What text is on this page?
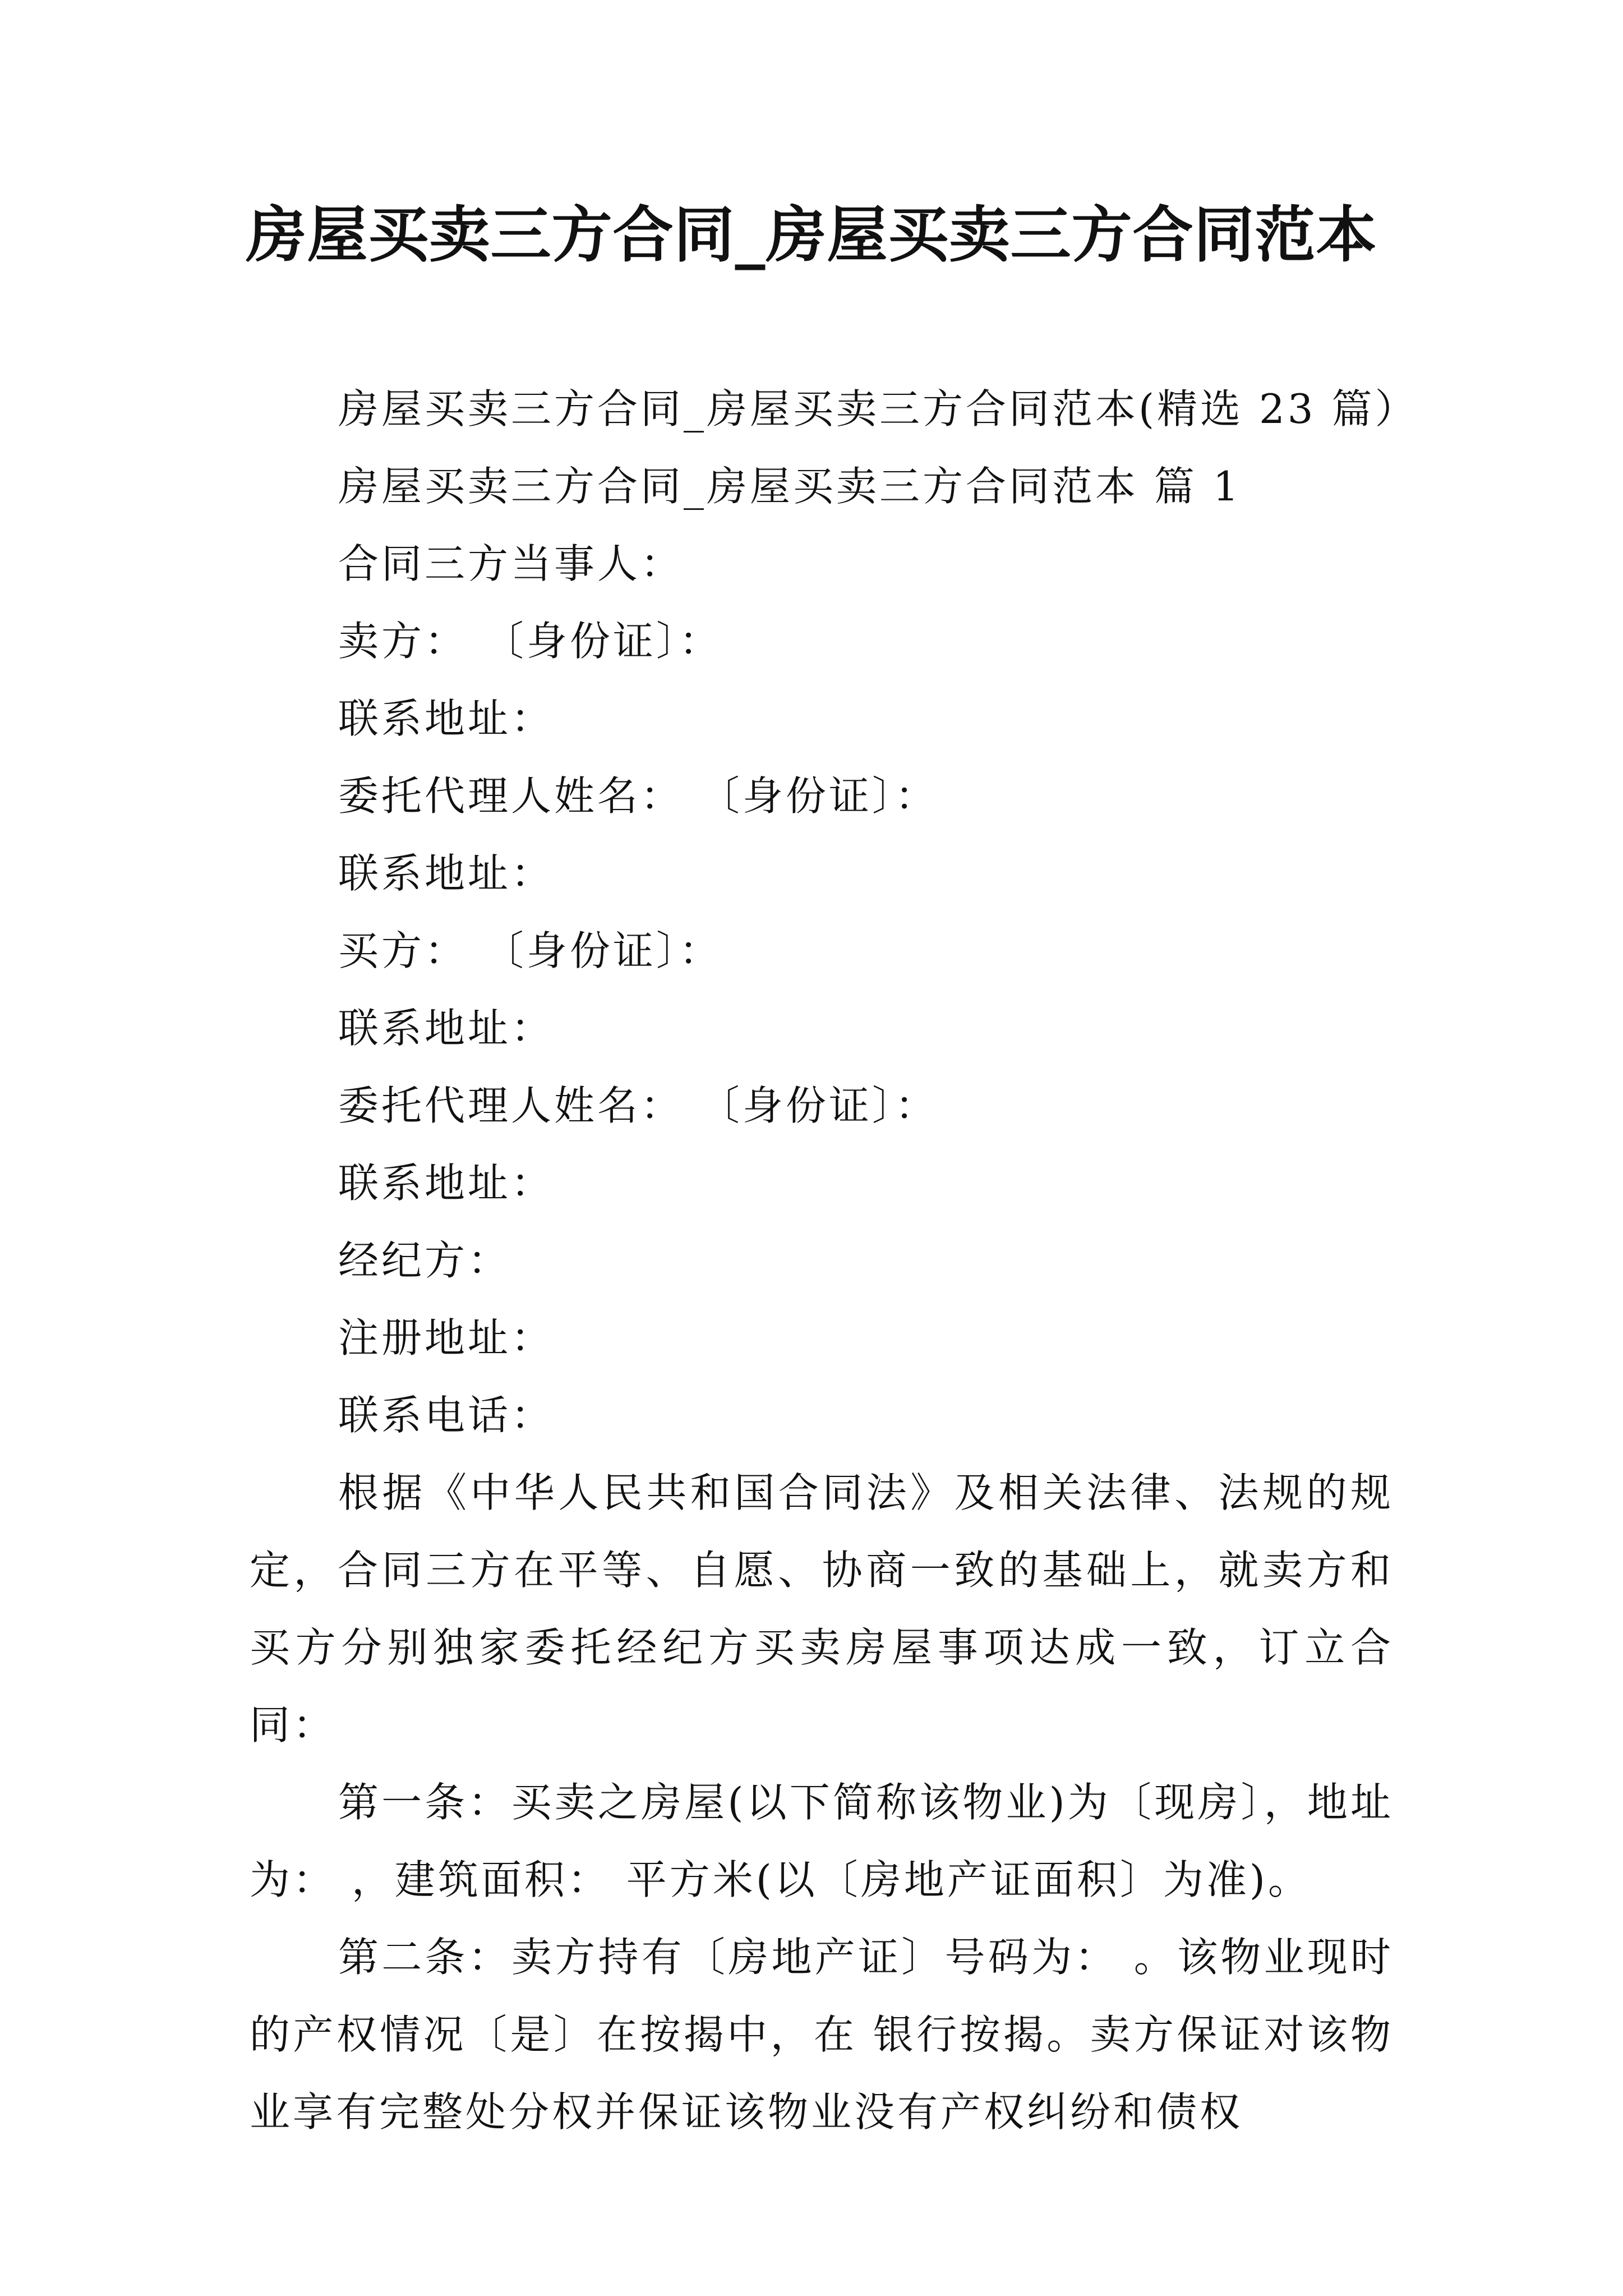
房屋买卖三方合同_房屋买卖三方合同范本
房屋买卖三方合同_房屋买卖三方合同范本(精选 23 篇）
房屋买卖三方合同_房屋买卖三方合同范本 篇 1
合同三方当事人：
卖方： 〔身份证〕：
联系地址：
委托代理人姓名： 〔身份证〕：
联系地址：
买方： 〔身份证〕：
联系地址：
委托代理人姓名： 〔身份证〕：
联系地址：
经纪方：
注册地址：
联系电话：

根据《中华人民共和国合同法》及相关法律、法规的规定，合同三方在平等、自愿、协商一致的基础上，就卖方和买方分别独家委托经纪方买卖房屋事项达成一致，订立合同：

第一条：买卖之房屋(以下简称该物业)为〔现房〕，地址为： ，建筑面积： 平方米(以〔房地产证面积〕为准)。

第二条：卖方持有〔房地产证〕号码为： 。该物业现时的产权情况〔是〕在按揭中，在 银行按揭。卖方保证对该物业享有完整处分权并保证该物业没有产权纠纷和债权
